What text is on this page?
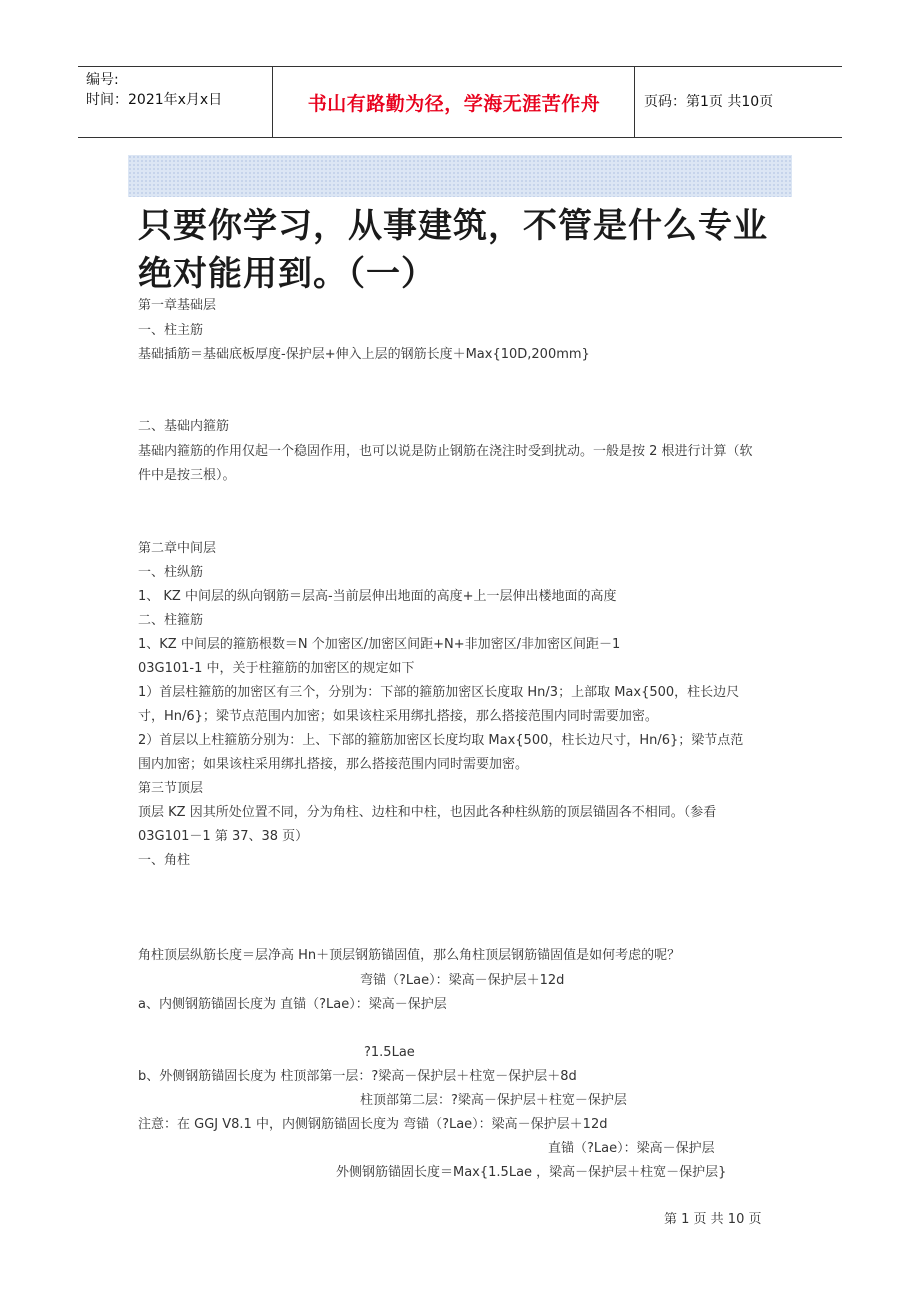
编号:
时间：2021年x月x日	书山有路勤为径，学海无涯苦作舟	页码：第1页 共10页
只要你学习，从事建筑，不管是什么专业绝对能用到。（一）
第一章基础层
一、柱主筋
基础插筋＝基础底板厚度-保护层+伸入上层的钢筋长度＋Max{10D,200mm}
二、基础内箍筋
基础内箍筋的作用仅起一个稳固作用，也可以说是防止钢筋在浇注时受到扰动。一般是按 2 根进行计算（软
件中是按三根）。
第二章中间层
一、柱纵筋
1、 KZ 中间层的纵向钢筋＝层高-当前层伸出地面的高度+上一层伸出楼地面的高度
二、柱箍筋
1、KZ 中间层的箍筋根数＝N 个加密区/加密区间距+N+非加密区/非加密区间距－1
03G101-1 中，关于柱箍筋的加密区的规定如下
1）首层柱箍筋的加密区有三个，分别为：下部的箍筋加密区长度取 Hn/3；上部取 Max{500，柱长边尺
寸，Hn/6}；梁节点范围内加密；如果该柱采用绑扎搭接，那么搭接范围内同时需要加密。
2）首层以上柱箍筋分别为：上、下部的箍筋加密区长度均取 Max{500，柱长边尺寸，Hn/6}；梁节点范
围内加密；如果该柱采用绑扎搭接，那么搭接范围内同时需要加密。
第三节顶层
顶层 KZ 因其所处位置不同，分为角柱、边柱和中柱，也因此各种柱纵筋的顶层锚固各不相同。（参看
03G101－1 第 37、38 页）
一、角柱
角柱顶层纵筋长度＝层净高 Hn＋顶层钢筋锚固值，那么角柱顶层钢筋锚固值是如何考虑的呢？
弯锚（?Lae）：梁高－保护层＋12d
a、内侧钢筋锚固长度为 直锚（?Lae）：梁高－保护层
?1.5Lae
b、外侧钢筋锚固长度为 柱顶部第一层：?梁高－保护层＋柱宽－保护层＋8d
柱顶部第二层：?梁高－保护层＋柱宽－保护层
注意：在 GGJ V8.1 中，内侧钢筋锚固长度为 弯锚（?Lae）：梁高－保护层＋12d
直锚（?Lae）：梁高－保护层
外侧钢筋锚固长度＝Max{1.5Lae ，梁高－保护层＋柱宽－保护层}
第 1 页 共 10 页
